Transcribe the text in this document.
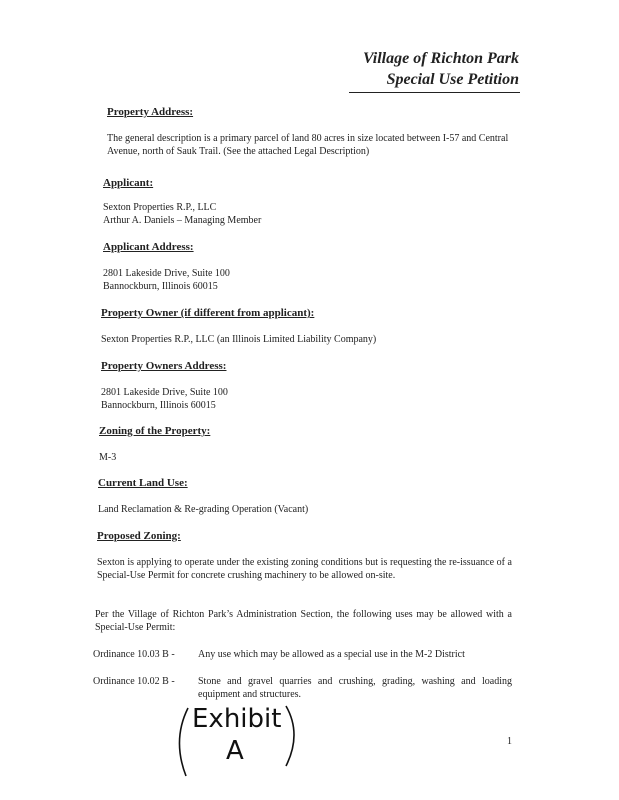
Village of Richton Park
Special Use Petition
Property Address:
The general description is a primary parcel of land 80 acres in size located between I-57 and Central Avenue, north of Sauk Trail. (See the attached Legal Description)
Applicant:
Sexton Properties R.P., LLC
Arthur A. Daniels – Managing Member
Applicant Address:
2801 Lakeside Drive, Suite 100
Bannockburn, Illinois 60015
Property Owner (if different from applicant):
Sexton Properties R.P., LLC (an Illinois Limited Liability Company)
Property Owners Address:
2801 Lakeside Drive, Suite 100
Bannockburn, Illinois 60015
Zoning of the Property:
M-3
Current Land Use:
Land Reclamation & Re-grading Operation (Vacant)
Proposed Zoning:
Sexton is applying to operate under the existing zoning conditions but is requesting the re-issuance of a Special-Use Permit for concrete crushing machinery to be allowed on-site.
Per the Village of Richton Park’s Administration Section, the following uses may be allowed with a Special-Use Permit:
Ordinance 10.03 B - Any use which may be allowed as a special use in the M-2 District
Ordinance 10.02 B - Stone and gravel quarries and crushing, grading, washing and loading equipment and structures.
Exhibit
A	1
